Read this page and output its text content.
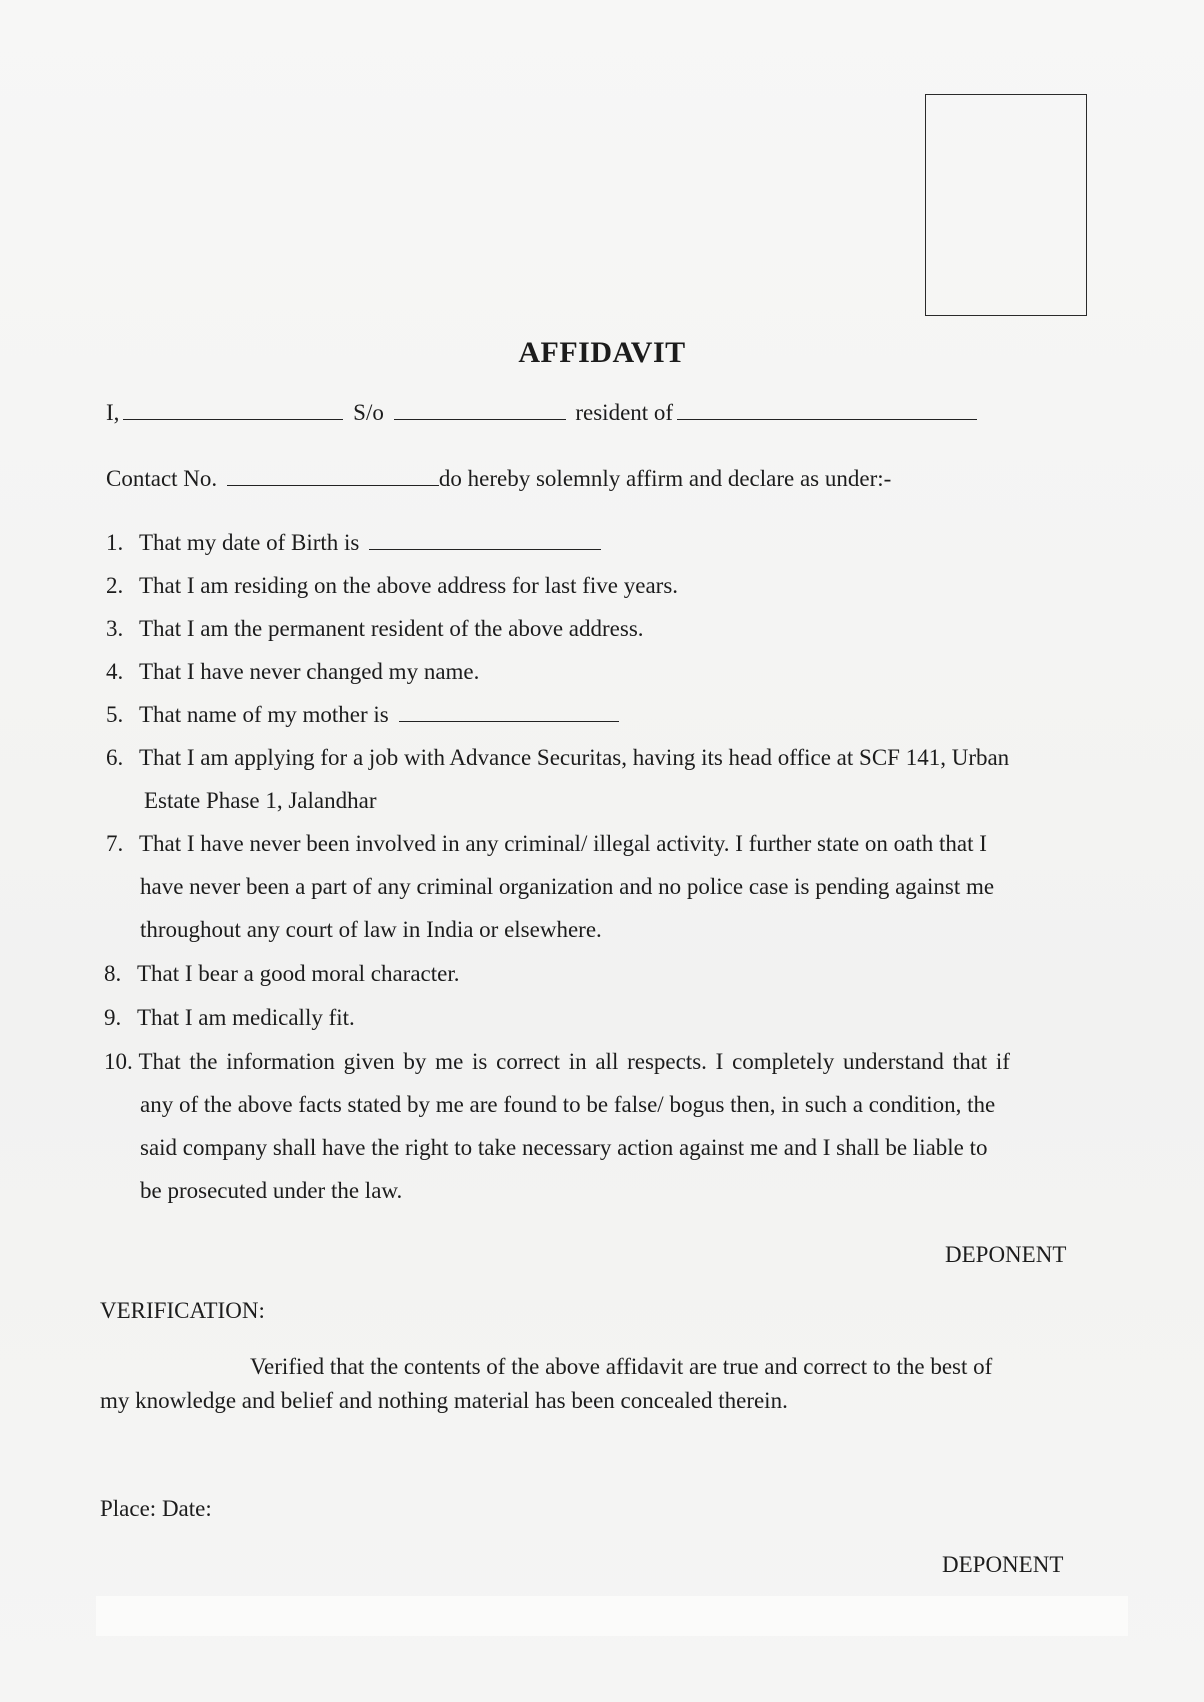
AFFIDAVIT
I,	S/o	resident of
Contact No.	do hereby solemnly affirm and declare as under:-
1. That my date of Birth is
2. That I am residing on the above address for last five years.
3. That I am the permanent resident of the above address.
4. That I have never changed my name.
5. That name of my mother is
6. That I am applying for a job with Advance Securitas, having its head office at SCF 141, Urban
Estate Phase 1, Jalandhar
7. That I have never been involved in any criminal/ illegal activity. I further state on oath that I
have never been a part of any criminal organization and no police case is pending against me
throughout any court of law in India or elsewhere.
8. That I bear a good moral character.
9. That I am medically fit.
10. That the information given by me is correct in all respects. I completely understand that if
any of the above facts stated by me are found to be false/ bogus then, in such a condition, the
said company shall have the right to take necessary action against me and I shall be liable to
be prosecuted under the law.
DEPONENT
VERIFICATION:
Verified that the contents of the above affidavit are true and correct to the best of
my knowledge and belief and nothing material has been concealed therein.
Place: Date:
DEPONENT
